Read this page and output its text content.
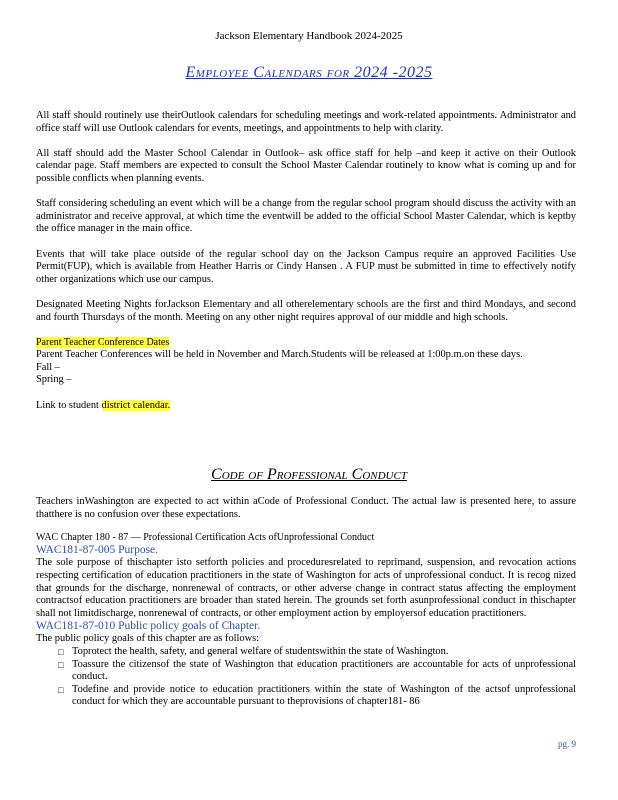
Jackson Elementary Handbook 2024-2025
Employee Calendars for 2024 -2025

All staff should routinely use theirOutlook calendars for scheduling meetings and work-related appointments. Administrator and office staff will use Outlook calendars for events, meetings, and appointments to help with clarity.

All staff should add the Master School Calendar in Outlook– ask office staff for help –and keep it active on their Outlook calendar page. Staff members are expected to consult the School Master Calendar routinely to know what is coming up and for possible conflicts when planning events.

Staff considering scheduling an event which will be a change from the regular school program should discuss the activity with an administrator and receive approval, at which time the eventwill be added to the official School Master Calendar, which is keptby the office manager in the main office.

Events that will take place outside of the regular school day on the Jackson Campus require an approved Facilities Use Permit(FUP), which is available from Heather Harris or Cindy Hansen . A FUP must be submitted in time to effectively notify other organizations which use our campus.

Designated Meeting Nights forJackson Elementary and all otherelementary schools are the first and third Mondays, and second and fourth Thursdays of the month. Meeting on any other night requires approval of our middle and high schools.

Parent Teacher Conference Dates
Parent Teacher Conferences will be held in November and March.Students will be released at 1:00p.m.on these days.
Fall –
Spring –

Link to student district calendar.

Code of Professional Conduct

Teachers inWashington are expected to act within aCode of Professional Conduct. The actual law is presented here, to assure thatthere is no confusion over these expectations.

WAC Chapter 180 - 87 — Professional Certification Acts ofUnprofessional Conduct

WAC181-87-005 Purpose.

The sole purpose of thischapter isto setforth policies and proceduresrelated to reprimand, suspension, and revocation actions respecting certification of education practitioners in the state of Washington for acts of unprofessional conduct. It is recog nized that grounds for the discharge, nonrenewal of contracts, or other adverse change in contract status affecting the employment contractsof education practitioners are broader than stated herein. The grounds set forth asunprofessional conduct in thischapter shall not limitdischarge, nonrenewal of contracts, or other employment action by employersof education practitioners.

WAC181-87-010 Public policy goals of Chapter.

The public policy goals of this chapter are as follows:

□ Toprotect the health, safety, and general welfare of studentswithin the state of Washington.
□ Toassure the citizensof the state of Washington that education practitioners are accountable for acts of unprofessional conduct.
□ Todefine and provide notice to education practitioners within the state of Washington of the actsof unprofessional conduct for which they are accountable pursuant to theprovisions of chapter181- 86
pg. 9
